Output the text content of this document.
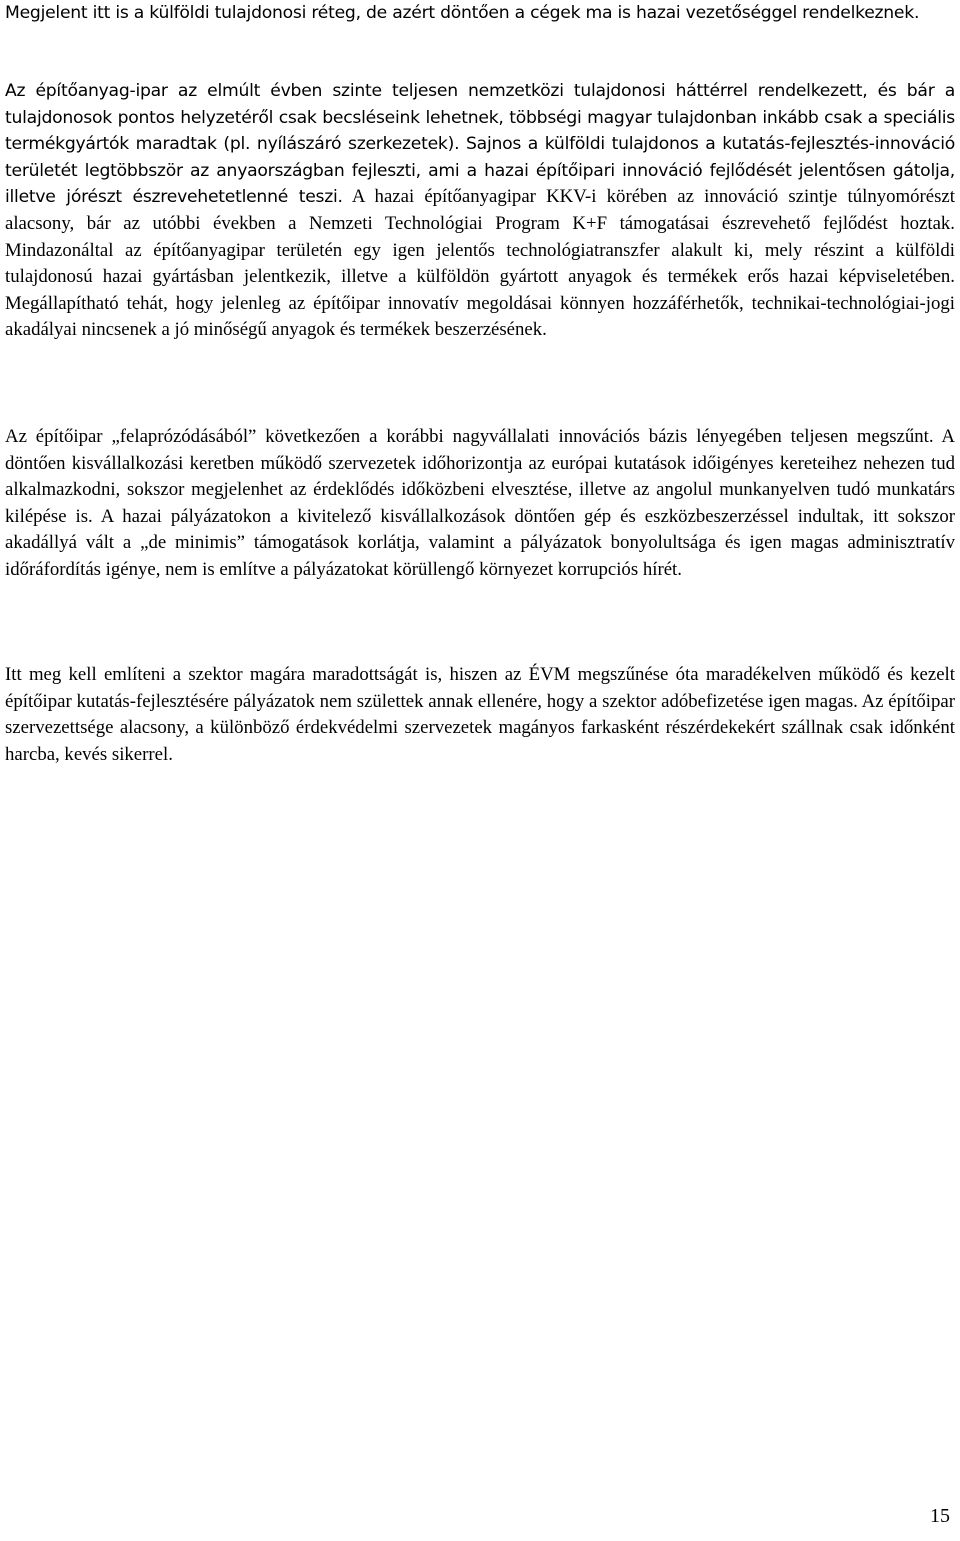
Megjelent itt is a külföldi tulajdonosi réteg, de azért döntően a cégek ma is hazai vezetőséggel rendelkeznek.

Az építőanyag-ipar az elmúlt évben szinte teljesen nemzetközi tulajdonosi háttérrel rendelkezett, és bár a tulajdonosok pontos helyzetéről csak becsléseink lehetnek, többségi magyar tulajdonban inkább csak a speciális termékgyártók maradtak (pl. nyílászáró szerkezetek). Sajnos a külföldi tulajdonos a kutatás-fejlesztés-innováció területét legtöbbször az anyaországban fejleszti, ami a hazai építőipari innováció fejlődését jelentősen gátolja, illetve jórészt észrevehetetlenné teszi. A hazai építőanyagipar KKV-i körében az innováció szintje túlnyomórészt alacsony, bár az utóbbi években a Nemzeti Technológiai Program K+F támogatásai észrevehető fejlődést hoztak. Mindazonáltal az építőanyagipar területén egy igen jelentős technológiatranszfer alakult ki, mely részint a külföldi tulajdonosú hazai gyártásban jelentkezik, illetve a külföldön gyártott anyagok és termékek erős hazai képviseletében. Megállapítható tehát, hogy jelenleg az építőipar innovatív megoldásai könnyen hozzáférhetők, technikai-technológiai-jogi akadályai nincsenek a jó minőségű anyagok és termékek beszerzésének.

Az építőipar „felaprózódásából” következően a korábbi nagyvállalati innovációs bázis lényegében teljesen megszűnt. A döntően kisvállalkozási keretben működő szervezetek időhorizontja az európai kutatások időigényes kereteihez nehezen tud alkalmazkodni, sokszor megjelenhet az érdeklődés időközbeni elvesztése, illetve az angolul munkanyelven tudó munkatárs kilépése is. A hazai pályázatokon a kivitelező kisvállalkozások döntően gép és eszközbeszerzéssel indultak, itt sokszor akadállyá vált a „de minimis” támogatások korlátja, valamint a pályázatok bonyolultsága és igen magas adminisztratív időráfordítás igénye, nem is említve a pályázatokat körüllengő környezet korrupciós hírét.

Itt meg kell említeni a szektor magára maradottságát is, hiszen az ÉVM megszűnése óta maradékelven működő és kezelt építőipar kutatás-fejlesztésére pályázatok nem születtek annak ellenére, hogy a szektor adóbefizetése igen magas. Az építőipar szervezettsége alacsony, a különböző érdekvédelmi szervezetek magányos farkasként részérdekekért szállnak csak időnként harcba, kevés sikerrel.

15
